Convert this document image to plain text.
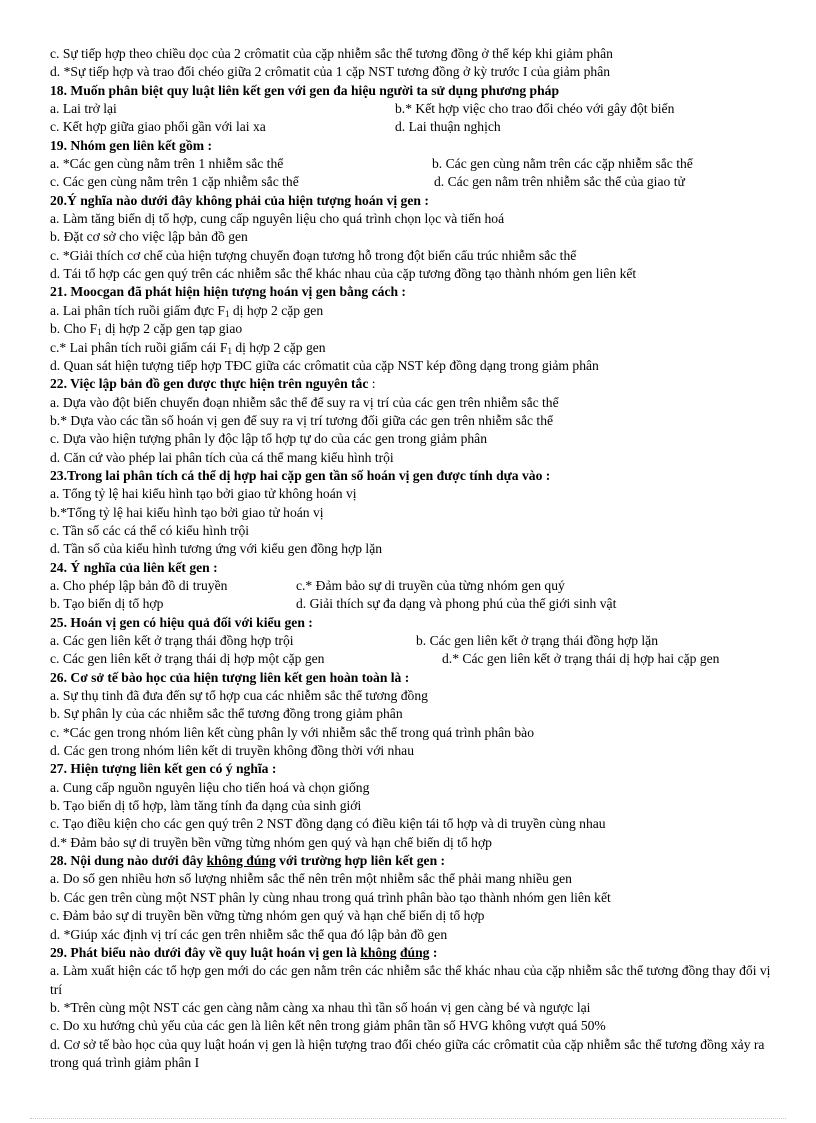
c. Sự tiếp hợp theo chiều dọc của 2 crômatit của cặp nhiễm sắc thể tương đồng ở thể kép khi giảm phân
d. *Sự tiếp hợp và trao đổi chéo giữa 2 crômatit của 1 cặp NST tương đồng ở kỳ trước I của giảm phân
18. Muốn phân biệt quy luật liên kết gen với gen đa hiệu người ta sử dụng phương pháp
a. Lai trở lại	b.* Kết hợp việc cho trao đổi chéo với gây đột biến
c. Kết hợp giữa giao phối gần với lai xa	d. Lai thuận nghịch
19. Nhóm gen liên kết gồm :
a. *Các gen cùng nằm trên 1 nhiễm sắc thể	b. Các gen cùng nằm trên các cặp nhiễm sắc thể
c. Các gen cùng nằm trên 1 cặp nhiễm sắc thể	d. Các gen nằm trên nhiễm sắc thể của giao tử
20.Ý nghĩa nào dưới đây không phải của hiện tượng hoán vị gen :
a. Làm tăng biến dị tổ hợp, cung cấp nguyên liệu cho quá trình chọn lọc và tiến hoá
b. Đặt cơ sở cho việc lập bản đồ gen
c. *Giải thích cơ chế của hiện tượng chuyển đoạn tương hỗ trong đột biến cấu trúc nhiễm sắc thể
d. Tái tổ hợp các gen quý trên các nhiễm sắc thể khác nhau của cặp tương đồng tạo thành nhóm gen liên kết
21. Moocgan đã phát hiện hiện tượng hoán vị gen bằng cách :
a. Lai phân tích ruồi giấm đực $F_1$ dị hợp 2 cặp gen
b. Cho $F_1$ dị hợp 2 cặp gen tạp giao
c.* Lai phân tích ruồi giấm cái $F_1$ dị hợp 2 cặp gen
d. Quan sát hiện tượng tiếp hợp TĐC giữa các crômatit của cặp NST kép đồng dạng trong giảm phân
22. Việc lập bản đồ gen được thực hiện trên nguyên tắc :
a. Dựa vào đột biến chuyển đoạn nhiễm sắc thể để suy ra vị trí của các gen trên nhiễm sắc thể
b.* Dựa vào các tần số hoán vị gen để suy ra vị trí tương đối giữa các gen trên nhiễm sắc thể
c. Dựa vào hiện tượng phân ly độc lập tổ hợp tự do của các gen trong giảm phân
d. Căn cứ vào phép lai phân tích của cá thể mang kiểu hình trội
23.Trong lai phân tích cá thể dị hợp hai cặp gen tần số hoán vị gen được tính dựa vào :
a. Tổng tỷ lệ hai kiểu hình tạo bởi giao tử không hoán vị
b.*Tổng tỷ lệ hai kiểu hình tạo bởi giao tử hoán vị
c. Tần số các cá thể có kiểu hình trội
d. Tần số của kiểu hình tương ứng với kiểu gen đồng hợp lặn
24. Ý nghĩa của liên kết gen :
a. Cho phép lập bản đồ di truyền	c.* Đảm bảo sự di truyền của từng nhóm gen quý
b. Tạo biến dị tổ hợp	d. Giải thích sự đa dạng và phong phú của thế giới sinh vật
25. Hoán vị gen có hiệu quả đối với kiểu gen :
a. Các gen liên kết ở trạng thái đồng hợp trội	b. Các gen liên kết ở trạng thái đồng hợp lặn
c. Các gen liên kết ở trạng thái dị hợp một cặp gen	d.* Các gen liên kết ở trạng thái dị hợp hai cặp gen
26. Cơ sở tế bào học của hiện tượng liên kết gen hoàn toàn là :
a. Sự thụ tinh đã đưa đến sự tổ hợp cua các nhiễm sắc thể tương đồng
b. Sự phân ly của các nhiễm sắc thể tương đồng trong giảm phân
c. *Các gen trong nhóm liên kết cùng phân ly với nhiễm sắc thể trong quá trình phân bào
d. Các gen trong nhóm liên kết di truyền không đồng thời với nhau
27. Hiện tượng liên kết gen có ý nghĩa :
a. Cung cấp nguồn nguyên liệu cho tiến hoá và chọn giống
b. Tạo biến dị tổ hợp, làm tăng tính đa dạng của sinh giới
c. Tạo điều kiện cho các gen quý trên 2 NST đồng dạng có điều kiện tái tổ hợp và di truyền cùng nhau
d.* Đảm bảo sự di truyền bền vững từng nhóm gen quý và hạn chế biến dị tổ hợp
28. Nội dung nào dưới đây không đúng với trường hợp liên kết gen :
a. Do số gen nhiều hơn số lượng nhiễm sắc thể nên trên một nhiễm sắc thể phải mang nhiều gen
b. Các gen trên cùng một NST phân ly cùng nhau trong quá trình phân bào tạo thành nhóm gen liên kết
c. Đảm bảo sự di truyền bền vững từng nhóm gen quý và hạn chế biến dị tổ hợp
d. *Giúp xác định vị trí các gen trên nhiễm sắc thể qua đó lập bản đồ gen
29. Phát biểu nào dưới đây về quy luật hoán vị gen là không đúng :
a. Làm xuất hiện các tổ hợp gen mới do các gen nằm trên các nhiễm sắc thể khác nhau của cặp nhiễm sắc thể tương đồng thay đổi vị trí
b. *Trên cùng một NST các gen càng nằm càng xa nhau thì tần số hoán vị gen càng bé và ngược lại
c. Do xu hướng chủ yếu của các gen là liên kết nên trong giảm phân tần số HVG không vượt quá 50%
d. Cơ sở tế bào học của quy luật hoán vị gen là hiện tượng trao đổi chéo giữa các crômatit của cặp nhiễm sắc thể tương đồng xảy ra trong quá trình giảm phân I
